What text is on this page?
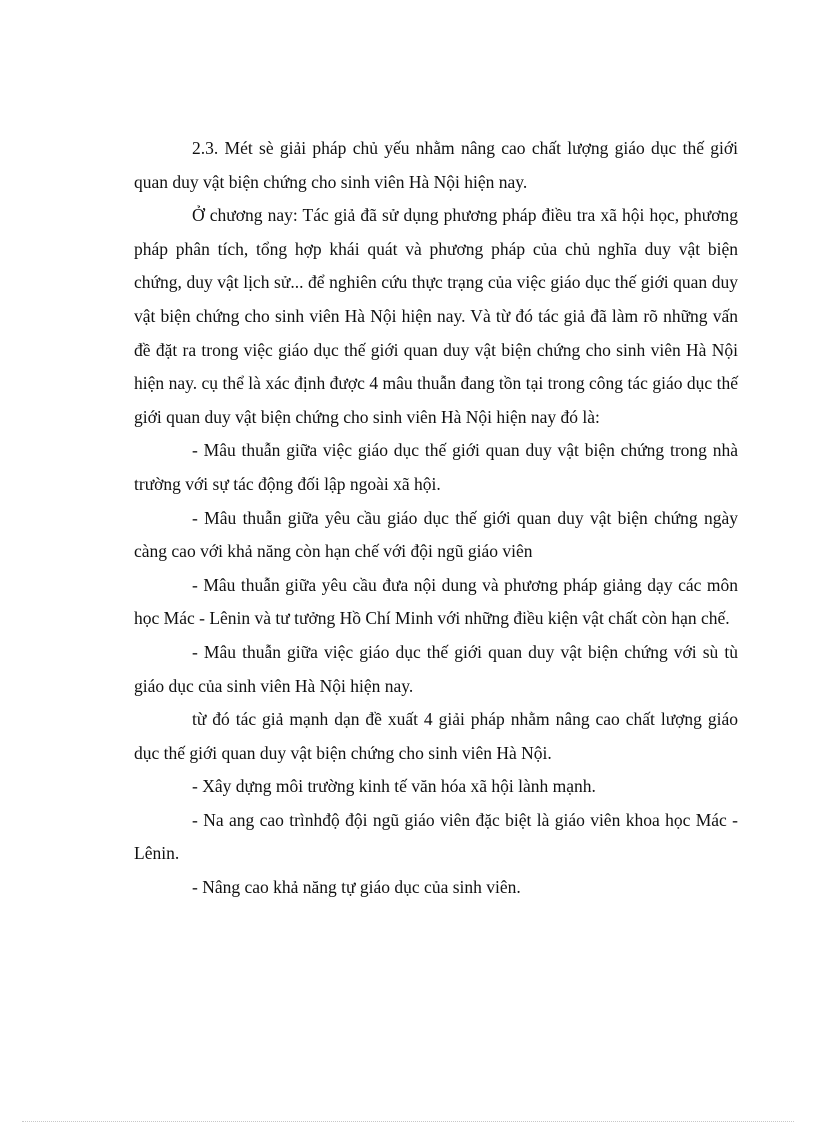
2.3. Mét sè giải pháp chủ yếu nhằm nâng cao chất lượng giáo dục thế giới quan duy vật biện chứng cho sinh viên Hà Nội hiện nay.

Ở chương nay: Tác giả đã sử dụng phương pháp điều tra xã hội học, phương pháp phân tích, tổng hợp khái quát và phương pháp của chủ nghĩa duy vật biện chứng, duy vật lịch sử... để nghiên cứu thực trạng của việc giáo dục thế giới quan duy vật biện chứng cho sinh viên Hà Nội hiện nay. Và từ đó tác giả đã làm rõ những vấn đề đặt ra trong việc giáo dục thế giới quan duy vật biện chứng cho sinh viên Hà Nội hiện nay. cụ thể là xác định được 4 mâu thuẫn đang tồn tại trong công tác giáo dục thế giới quan duy vật biện chứng cho sinh viên Hà Nội hiện nay đó là:

- Mâu thuẫn giữa việc giáo dục thế giới quan duy vật biện chứng trong nhà trường với sự tác động đối lập ngoài xã hội.

- Mâu thuẫn giữa yêu cầu giáo dục thế giới quan duy vật biện chứng ngày càng cao với khả năng còn hạn chế với đội ngũ giáo viên

- Mâu thuẫn giữa yêu cầu đưa nội dung và phương pháp giảng dạy các môn học Mác - Lênin và tư tưởng Hồ Chí Minh với những điều kiện vật chất còn hạn chế.

- Mâu thuẫn giữa việc giáo dục thế giới quan duy vật biện chứng với sù tù giáo dục của sinh viên Hà Nội hiện nay.

từ đó tác giả mạnh dạn đề xuất 4 giải pháp nhằm nâng cao chất lượng giáo dục thế giới quan duy vật biện chứng cho sinh viên Hà Nội.

- Xây dựng môi trường kinh tế văn hóa xã hội lành mạnh.

- Na ang cao trìnhđộ đội ngũ giáo viên đặc biệt là giáo viên khoa học Mác - Lênin.

- Nâng cao khả năng tự giáo dục của sinh viên.
